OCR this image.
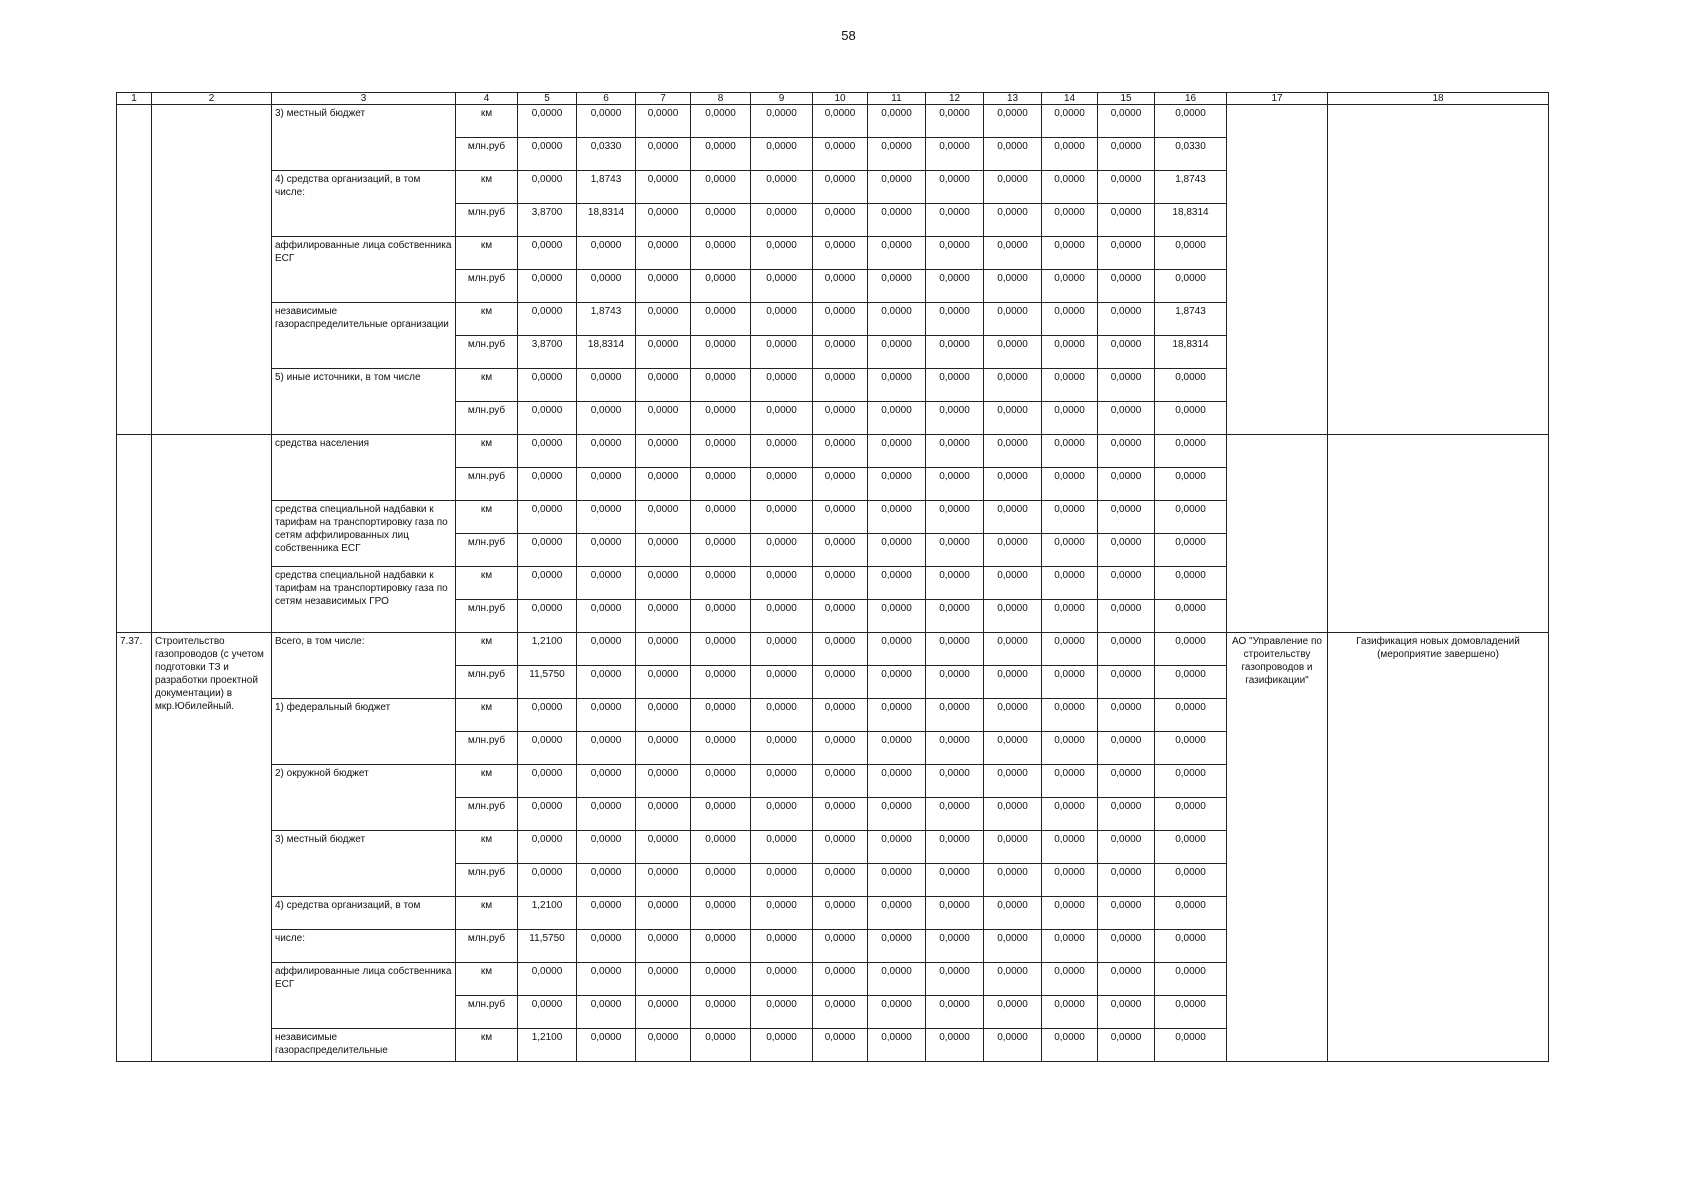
58
1	2	3	4	5	6	7	8	9	10	11	12	13	14	15	16	17	18
		3) местный бюджет	км	0,0000	0,0000	0,0000	0,0000	0,0000	0,0000	0,0000	0,0000	0,0000	0,0000	0,0000	0,0000		
			млн.руб	0,0000	0,0330	0,0000	0,0000	0,0000	0,0000	0,0000	0,0000	0,0000	0,0000	0,0000	0,0330		
		4) средства организаций, в том числе:	км	0,0000	1,8743	0,0000	0,0000	0,0000	0,0000	0,0000	0,0000	0,0000	0,0000	0,0000	1,8743		
			млн.руб	3,8700	18,8314	0,0000	0,0000	0,0000	0,0000	0,0000	0,0000	0,0000	0,0000	0,0000	18,8314		
		аффилированные лица собственника ЕСГ	км	0,0000	0,0000	0,0000	0,0000	0,0000	0,0000	0,0000	0,0000	0,0000	0,0000	0,0000	0,0000		
			млн.руб	0,0000	0,0000	0,0000	0,0000	0,0000	0,0000	0,0000	0,0000	0,0000	0,0000	0,0000	0,0000		
		независимые газораспределительные организации	км	0,0000	1,8743	0,0000	0,0000	0,0000	0,0000	0,0000	0,0000	0,0000	0,0000	0,0000	1,8743		
			млн.руб	3,8700	18,8314	0,0000	0,0000	0,0000	0,0000	0,0000	0,0000	0,0000	0,0000	0,0000	18,8314		
		5) иные источники, в том числе	км	0,0000	0,0000	0,0000	0,0000	0,0000	0,0000	0,0000	0,0000	0,0000	0,0000	0,0000	0,0000		
			млн.руб	0,0000	0,0000	0,0000	0,0000	0,0000	0,0000	0,0000	0,0000	0,0000	0,0000	0,0000	0,0000		
		средства населения	км	0,0000	0,0000	0,0000	0,0000	0,0000	0,0000	0,0000	0,0000	0,0000	0,0000	0,0000	0,0000		
			млн.руб	0,0000	0,0000	0,0000	0,0000	0,0000	0,0000	0,0000	0,0000	0,0000	0,0000	0,0000	0,0000		
		средства специальной надбавки к тарифам на транспортировку газа по сетям аффилированных лиц собственника ЕСГ	км	0,0000	0,0000	0,0000	0,0000	0,0000	0,0000	0,0000	0,0000	0,0000	0,0000	0,0000	0,0000		
			млн.руб	0,0000	0,0000	0,0000	0,0000	0,0000	0,0000	0,0000	0,0000	0,0000	0,0000	0,0000	0,0000		
		средства специальной надбавки к тарифам на транспортировку газа по сетям независимых ГРО	км	0,0000	0,0000	0,0000	0,0000	0,0000	0,0000	0,0000	0,0000	0,0000	0,0000	0,0000	0,0000		
			млн.руб	0,0000	0,0000	0,0000	0,0000	0,0000	0,0000	0,0000	0,0000	0,0000	0,0000	0,0000	0,0000		
7.37.	Строительство газопроводов (с учетом подготовки ТЗ и разработки проектной документации) в мкр.Юбилейный.	Всего, в том числе:	км	1,2100	0,0000	0,0000	0,0000	0,0000	0,0000	0,0000	0,0000	0,0000	0,0000	0,0000	0,0000	АО "Управление по строительству газопроводов и газификации"	Газификация новых домовладений (мероприятие завершено)
			млн.руб	11,5750	0,0000	0,0000	0,0000	0,0000	0,0000	0,0000	0,0000	0,0000	0,0000	0,0000	0,0000		
		1) федеральный бюджет	км	0,0000	0,0000	0,0000	0,0000	0,0000	0,0000	0,0000	0,0000	0,0000	0,0000	0,0000	0,0000		
			млн.руб	0,0000	0,0000	0,0000	0,0000	0,0000	0,0000	0,0000	0,0000	0,0000	0,0000	0,0000	0,0000		
		2) окружной бюджет	км	0,0000	0,0000	0,0000	0,0000	0,0000	0,0000	0,0000	0,0000	0,0000	0,0000	0,0000	0,0000		
			млн.руб	0,0000	0,0000	0,0000	0,0000	0,0000	0,0000	0,0000	0,0000	0,0000	0,0000	0,0000	0,0000		
		3) местный бюджет	км	0,0000	0,0000	0,0000	0,0000	0,0000	0,0000	0,0000	0,0000	0,0000	0,0000	0,0000	0,0000		
			млн.руб	0,0000	0,0000	0,0000	0,0000	0,0000	0,0000	0,0000	0,0000	0,0000	0,0000	0,0000	0,0000		
		4) средства организаций, в том	км	1,2100	0,0000	0,0000	0,0000	0,0000	0,0000	0,0000	0,0000	0,0000	0,0000	0,0000	0,0000		
		числе:	млн.руб	11,5750	0,0000	0,0000	0,0000	0,0000	0,0000	0,0000	0,0000	0,0000	0,0000	0,0000	0,0000		
		аффилированные лица собственника ЕСГ	км	0,0000	0,0000	0,0000	0,0000	0,0000	0,0000	0,0000	0,0000	0,0000	0,0000	0,0000	0,0000		
			млн.руб	0,0000	0,0000	0,0000	0,0000	0,0000	0,0000	0,0000	0,0000	0,0000	0,0000	0,0000	0,0000		
		независимые газораспределительные	км	1,2100	0,0000	0,0000	0,0000	0,0000	0,0000	0,0000	0,0000	0,0000	0,0000	0,0000	0,0000		
